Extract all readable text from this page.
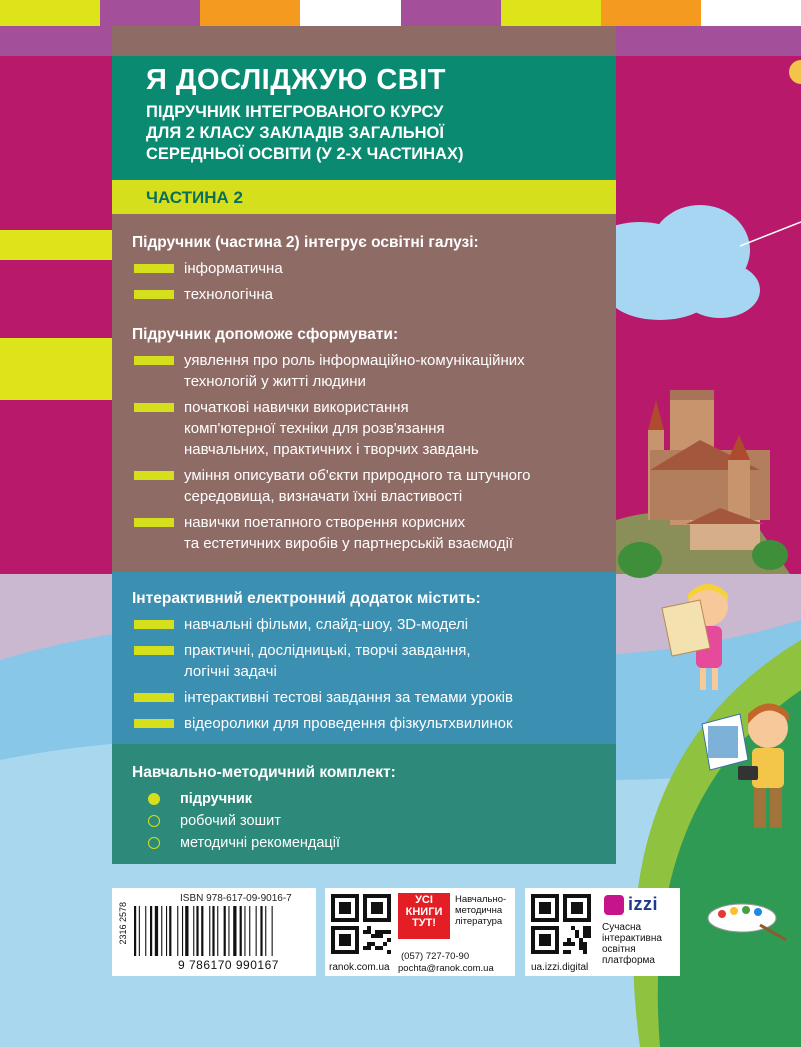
Я ДОСЛІДЖУЮ СВІТ
ПІДРУЧНИК ІНТЕГРОВАНОГО КУРСУ
ДЛЯ 2 КЛАСУ ЗАКЛАДІВ ЗАГАЛЬНОЇ
СЕРЕДНЬОЇ ОСВІТИ (У 2-Х ЧАСТИНАХ)
ЧАСТИНА 2
Підручник (частина 2) інтегрує освітні галузі:
інформатична
технологічна
Підручник допоможе сформувати:
уявлення про роль інформаційно-комунікаційних
технологій у житті людини
початкові навички використання
комп'ютерної техніки для розв'язання
навчальних, практичних і творчих завдань
уміння описувати об'єкти природного та штучного
середовища, визначати їхні властивості
навички поетапного створення корисних
та естетичних виробів у партнерській взаємодії
Інтерактивний електронний додаток містить:
навчальні фільми, слайд-шоу, 3D-моделі
практичні, дослідницькі, творчі завдання,
логічні задачі
інтерактивні тестові завдання за темами уроків
відеоролики для проведення фізкультхвилинок
Навчально-методичний комплект:
підручник
робочий зошит
методичні рекомендації
ISBN 978-617-09-9016-7
2316 2578
9 786170 990167	ranok.com.ua
УСІ
КНИГИ
ТУТ!
Навчально-
методична
література
(057) 727-70-90
pochta@ranok.com.ua	ua.izzi.digital
izzi
Сучасна
інтерактивна
освітня
платформа
